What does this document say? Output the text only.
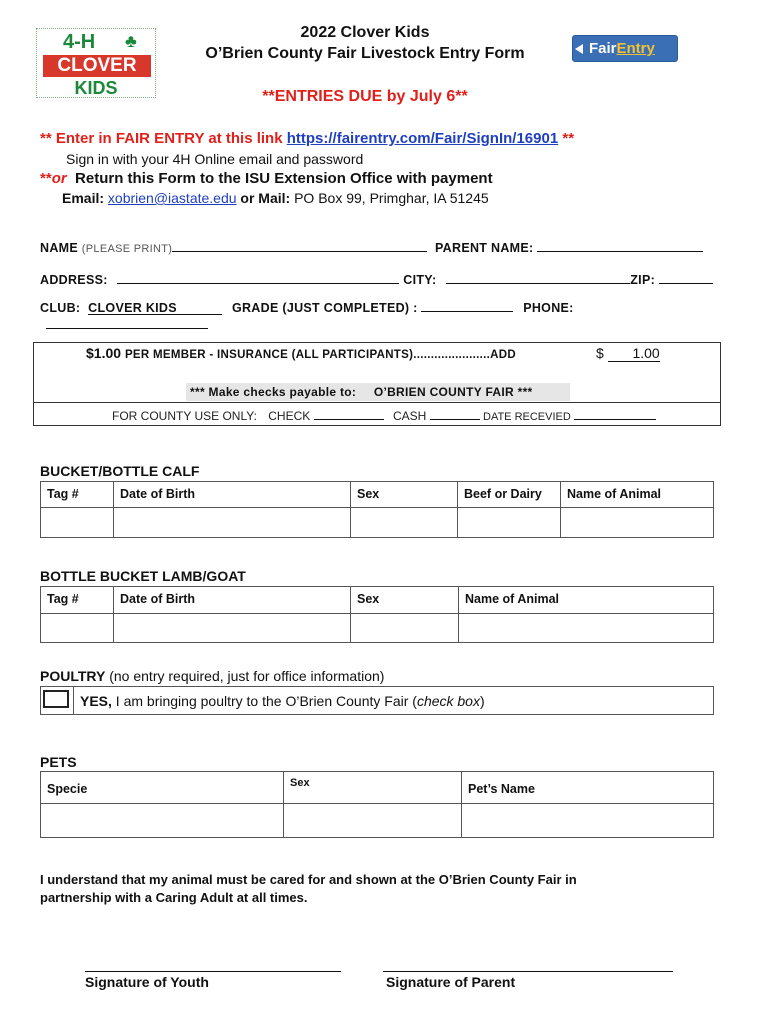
4-H ♣
CLOVER
KIDS
FairEntry
2022 Clover Kids
O’Brien County Fair Livestock Entry Form
**ENTRIES DUE by July 6**
** Enter in FAIR ENTRY at this link https://fairentry.com/Fair/SignIn/16901 **
Sign in with your 4H Online email and password
**or Return this Form to the ISU Extension Office with payment
Email: xobrien@iastate.edu or Mail: PO Box 99, Primghar, IA 51245
NAME (PLEASE PRINT)	PARENT NAME:
ADDRESS:	CITY:	ZIP:
CLUB: CLOVER KIDS	GRADE (JUST COMPLETED) :	PHONE:
$1.00 PER MEMBER - INSURANCE (ALL PARTICIPANTS)......................ADD	$ 1.00
*** Make checks payable to: O’BRIEN COUNTY FAIR ***
FOR COUNTY USE ONLY: CHECK	CASH	DATE RECEVIED
BUCKET/BOTTLE CALF
Tag #	Date of Birth	Sex	Beef or Dairy	Name of Animal

BOTTLE BUCKET LAMB/GOAT
Tag #	Date of Birth	Sex	Name of Animal

POULTRY (no entry required, just for office information)
YES, I am bringing poultry to the O’Brien County Fair (check box)
PETS
Specie	Sex	Pet’s Name

I understand that my animal must be cared for and shown at the O’Brien County Fair in
partnership with a Caring Adult at all times.
Signature of Youth	Signature of Parent
